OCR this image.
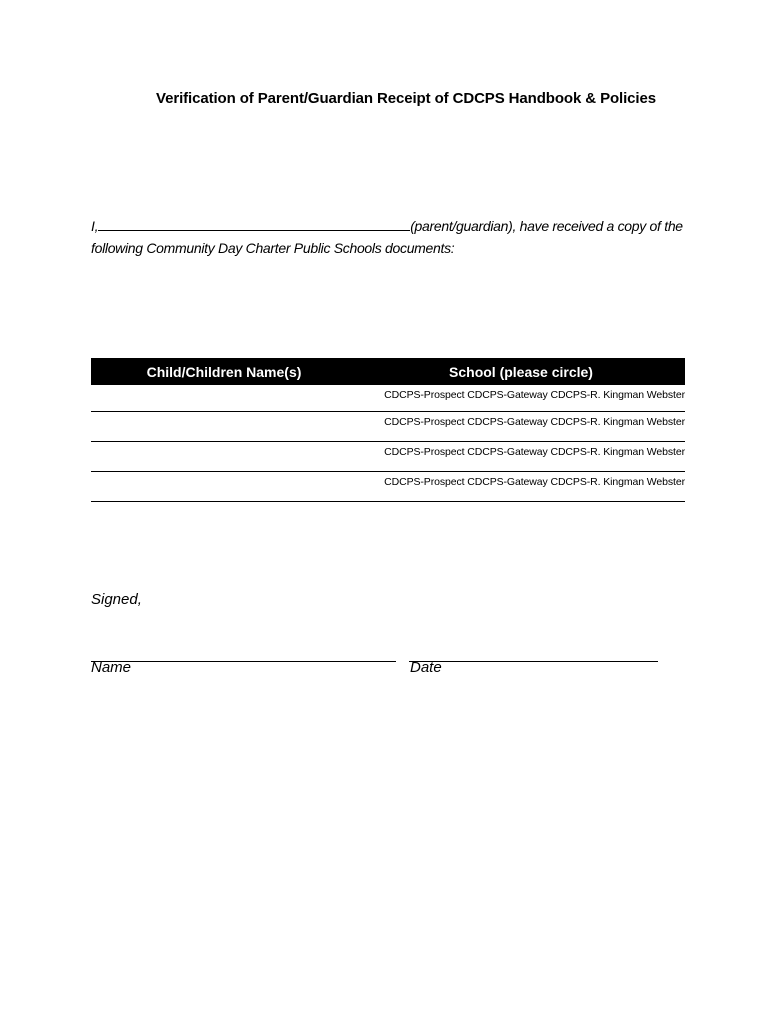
Verification of Parent/Guardian Receipt of CDCPS Handbook & Policies
I,	(parent/guardian), have received a copy of the
following Community Day Charter Public Schools documents:
Child/Children Name(s)	School (please circle)
	CDCPS-Prospect CDCPS-Gateway CDCPS-R. Kingman Webster
	CDCPS-Prospect CDCPS-Gateway CDCPS-R. Kingman Webster
	CDCPS-Prospect CDCPS-Gateway CDCPS-R. Kingman Webster
	CDCPS-Prospect CDCPS-Gateway CDCPS-R. Kingman Webster
Signed,
Name	Date
